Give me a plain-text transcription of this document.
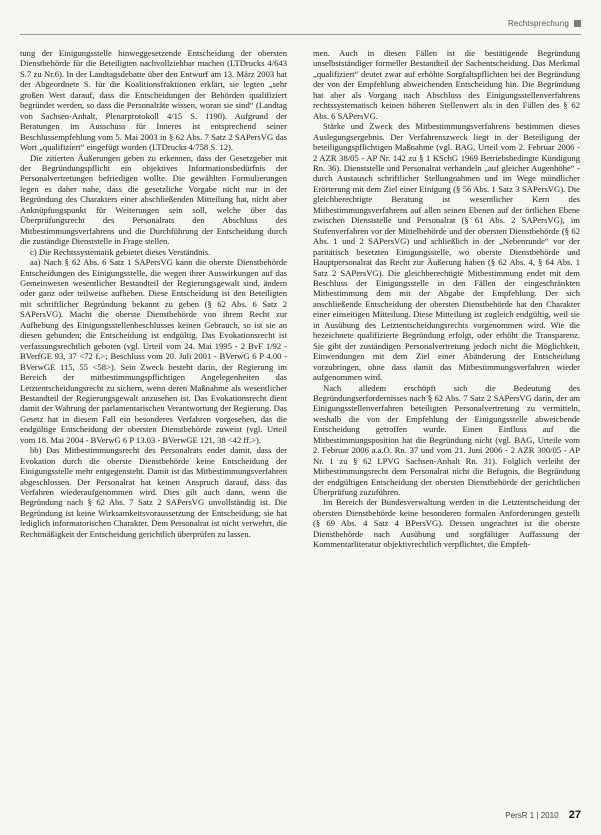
Rechtsprechung

tung der Einigungsstelle hinweggesetzende Entscheidung der obersten Dienstbehörde für die Beteiligten nachvollziehbar machen (LTDrucks 4/643 S.7 zu Nr.6). In der Landtagsdebatte über den Entwurf am 13. März 2003 hat der Abgeordnete S. für die Koalitionsfraktionen erklärt, sie legten „sehr großen Wert darauf, dass die Entscheidungen der Behörden qualifiziert begründet werden, so dass die Personalräte wissen, woran sie sind“ (Landtag von Sachsen-Anhalt, Plenarprotokoll 4/15 S. 1190). Aufgrund der Beratungen im Ausschuss für Inneres ist entsprechend seiner Beschlussempfehlung vom 5. Mai 2003 in § 62 Abs. 7 Satz 2 SAPersVG das Wort „qualifiziert“ eingefügt worden (LTDrucks 4/758 S. 12).

Die zitierten Äußerungen geben zu erkennen, dass der Gesetzgeber mit der Begründungspflicht ein objektives Informationsbedürfnis der Personalvertretungen befriedigen wollte. Die gewählten Formulierungen legen es daher nahe, dass die gesetzliche Vorgabe nicht nur in der Begründung des Charakters einer abschließenden Mitteilung hat, nicht aber Anknüpfungspunkt für Weiterungen sein soll, welche über das Überprüfungsrecht des Personalrats den Abschluss des Mitbestimmungsverfahrens und die Durchführung der Entscheidung durch die zuständige Dienststelle in Frage stellen.

c) Die Rechtssystematik gebietet dieses Verständnis.

aa) Nach § 62 Abs. 6 Satz 1 SAPersVG kann die oberste Dienstbehörde Entscheidungen des Einigungsstelle, die wegen ihrer Auswirkungen auf das Gemeinwesen wesentlicher Bestandteil der Regierungsgewalt sind, ändern oder ganz oder teilweise aufheben. Diese Entscheidung ist den Beteiligten mit schriftlicher Begründung bekannt zu geben (§ 62 Abs. 6 Satz 2 SAPersVG). Macht die oberste Dienstbehörde von ihrem Recht zur Aufhebung des Einigungsstellenbeschlusses keinen Gebrauch, so ist sie an diesen gebunden; die Entscheidung ist endgültig. Das Evokationsrecht ist verfassungsrechtlich geboten (vgl. Urteil vom 24. Mai 1995 - 2 BvF 1/92 - BVerfGE 93, 37 <72 f.>; Beschluss vom 20. Juli 2001 - BVerwG 6 P 4.00 - BVerwGE 115, 55 <58>). Sein Zweck besteht darin, der Regierung im Bereich der mitbestimmungspflichtigen Angelegenheiten das Letztentscheidungsrecht zu sichern, wenn deren Maßnahme als wesentlicher Bestandteil der Regierungsgewalt anzusehen ist. Das Evokationsrecht dient damit der Wahrung der parlamentarischen Verantwortung der Regierung. Das Gesetz hat in diesem Fall ein besonderes Verfahren vorgesehen, das die endgültige Entscheidung der obersten Dienstbehörde zuweist (vgl. Urteil vom 18. Mai 2004 - BVerwG 6 P 13.03 - BVerwGE 121, 38 <42 ff.>).

bb) Das Mitbestimmungsrecht des Personalrats endet damit, dass der Evokation durch die oberste Dienstbehörde keine Entscheidung der Einigungsstelle mehr entgegensteht. Damit ist das Mitbestimmungsverfahren abgeschlossen. Der Personalrat hat keinen Anspruch darauf, dass das Verfahren wiederaufgenommen wird. Dies gilt auch dann, wenn die Begründung nach § 62 Abs. 7 Satz 2 SAPersVG unvollständig ist. Die Begründung ist keine Wirksamkeitsvoraussetzung der Entscheidung; sie hat lediglich informatorischen Charakter. Dem Personalrat ist nicht verwehrt, die Rechtmäßigkeit der Entscheidung gerichtlich überprüfen zu lassen.

men. Auch in diesen Fällen ist die bestätigende Begründung unselbstständiger formeller Bestandteil der Sachentscheidung. Das Merkmal „qualifiziert“ deutet zwar auf erhöhte Sorgfaltspflichten bei der Begründung der von der Empfehlung abweichenden Entscheidung hin. Die Begründung hat aber als Vorgang nach Abschluss des Einigungsstellenverfahrens rechtssystematisch keinen höheren Stellenwert als in den Fällen des § 62 Abs. 6 SAPersVG.

Stärke und Zweck des Mitbestimmungsverfahrens bestimmen dieses Auslegungsergebnis. Der Verfahrenszweck liegt in der Beteiligung der beteiligungspflichtigen Maßnahme (vgl. BAG, Urteil vom 2. Februar 2006 - 2 AZR 38/05 - AP Nr. 142 zu § 1 KSchG 1969 Betriebsbedingte Kündigung Rn. 36). Dienststelle und Personalrat verhandeln „auf gleicher Augenhöhe“ - durch Austausch schriftlicher Stellungnahmen und im Wege mündlicher Erörterung mit dem Ziel einer Einigung (§ 56 Abs. 1 Satz 3 SAPersVG). Die gleichberechtigte Beratung ist wesentlicher Kern des Mitbestimmungsverfahrens auf allen seinen Ebenen auf der örtlichen Ebene zwischen Dienststelle und Personalrat (§ 61 Abs. 2 SAPersVG), im Stufenverfahren vor der Mittelbehörde und der obersten Dienstbehörde (§ 62 Abs. 1 und 2 SAPersVG) und schließlich in der „Nebenrunde“ vor der paritätisch besetzten Einigungsstelle, wo oberste Dienstbehörde und Hauptpersonalrat das Recht zur Äußerung haben (§ 62 Abs. 4, § 64 Abs. 1 Satz 2 SAPersVG). Die gleichberechtigte Mitbestimmung endet mit dem Beschluss der Einigungsstelle in den Fällen der eingeschränkten Mitbestimmung dem mit der Abgabe der Empfehlung. Der sich anschließende Entscheidung der obersten Dienstbehörde hat den Charakter einer einseitigen Mitteilung. Diese Mitteilung ist zugleich endgültig, weil sie in Ausübung des Letztentscheidungsrechts vorgenommen wird. Wie die bezeichnete qualifizierte Begründung erfolgt, oder erhöht die Transparenz. Sie gibt der zuständigen Personalvertretung jedoch nicht die Möglichkeit, Einwendungen mit dem Ziel einer Abänderung der Entscheidung vorzubringen, ohne dass damit das Mitbestimmungsverfahren wieder aufgenommen wird.

Nach alledem erschöpft sich die Bedeutung des Begründungserfordernisses nach § 62 Abs. 7 Satz 2 SAPersVG darin, der am Einigungsstellenverfahren beteiligten Personalvertretung zu vermitteln, weshalb die von der Empfehlung der Einigungsstelle abweichende Entscheidung getroffen wurde. Einen Einfluss auf die Mitbestimmungsposition hat die Begründung nicht (vgl. BAG, Urteile vom 2. Februar 2006 a.a.O. Rn. 37 und vom 21. Juni 2006 - 2 AZR 300/05 - AP Nr. 1 zu § 62 LPVG Sachsen-Anhalt Rn. 31). Folglich verleiht der Mitbestimmungsrecht dem Personalrat nicht die Befugnis, die Begründung der endgültigen Entscheidung der obersten Dienstbehörde der gerichtlichen Überprüfung zuzuführen.

Im Bereich der Bundesverwaltung werden in die Letztentscheidung der obersten Dienstbehörde keine besonderen formalen Anforderungen gestellt (§ 69 Abs. 4 Satz 4 BPersVG). Dessen ungeachtet ist die oberste Dienstbehörde nach Ausübung und sorgfältiger Auffassung der Kommentarliteratur objektivrechtlich verpflichtet, die Empfeh-

PersR 1 | 2010 27
